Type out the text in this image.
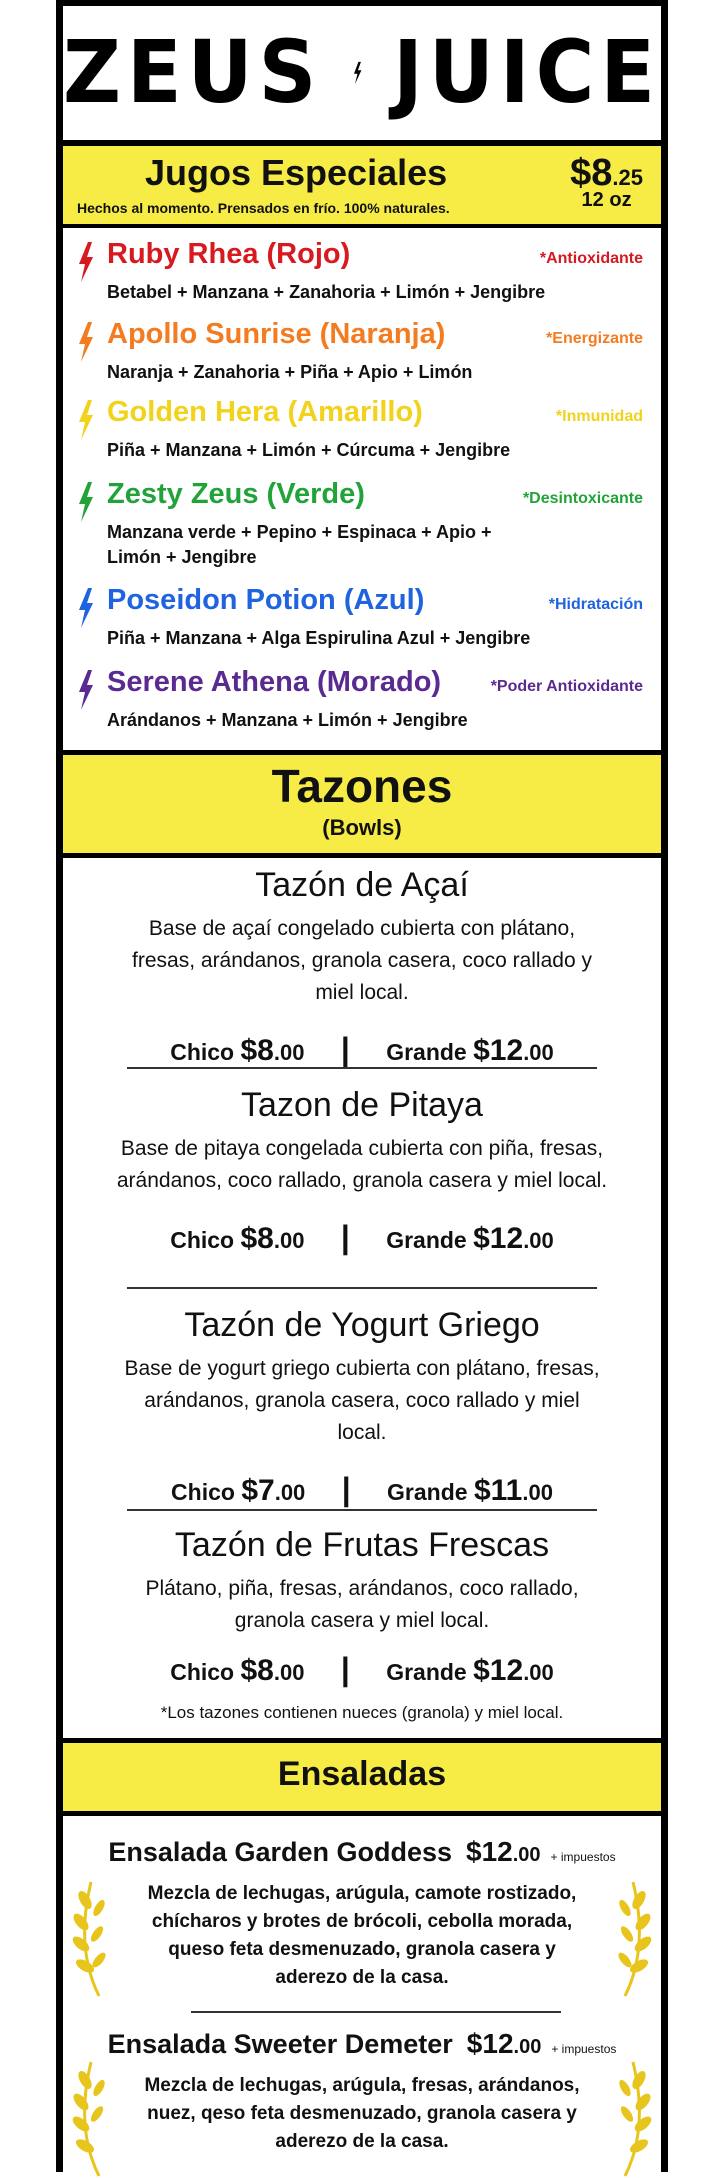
ZEUS JUICE
Jugos Especiales
Hechos al momento. Prensados en frío. 100% naturales.
$8.25
12 oz
Ruby Rhea (Rojo)	*Antioxidante
Betabel + Manzana + Zanahoria + Limón + Jengibre
Apollo Sunrise (Naranja)	*Energizante
Naranja + Zanahoria + Piña + Apio + Limón
Golden Hera (Amarillo)	*Inmunidad
Piña + Manzana + Limón + Cúrcuma + Jengibre
Zesty Zeus (Verde)	*Desintoxicante
Manzana verde + Pepino + Espinaca + Apio + Limón + Jengibre
Poseidon Potion (Azul)	*Hidratación
Piña + Manzana + Alga Espirulina Azul + Jengibre
Serene Athena (Morado)	*Poder Antioxidante
Arándanos + Manzana + Limón + Jengibre
Tazones
(Bowls)
Tazón de Açaí
Base de açaí congelado cubierta con plátano, fresas, arándanos, granola casera, coco rallado y miel local.
Chico $8.00 | Grande $12.00
Tazon de Pitaya
Base de pitaya congelada cubierta con piña, fresas, arándanos, coco rallado, granola casera y miel local.
Chico $8.00 | Grande $12.00
Tazón de Yogurt Griego
Base de yogurt griego cubierta con plátano, fresas, arándanos, granola casera, coco rallado y miel local.
Chico $7.00 | Grande $11.00
Tazón de Frutas Frescas
Plátano, piña, fresas, arándanos, coco rallado, granola casera y miel local.
Chico $8.00 | Grande $12.00
*Los tazones contienen nueces (granola) y miel local.
Ensaladas
Ensalada Garden Goddess $12.00 + impuestos
Mezcla de lechugas, arúgula, camote rostizado, chícharos y brotes de brócoli, cebolla morada, queso feta desmenuzado, granola casera y aderezo de la casa.
Ensalada Sweeter Demeter $12.00 + impuestos
Mezcla de lechugas, arúgula, fresas, arándanos, nuez, qeso feta desmenuzado, granola casera y aderezo de la casa.
